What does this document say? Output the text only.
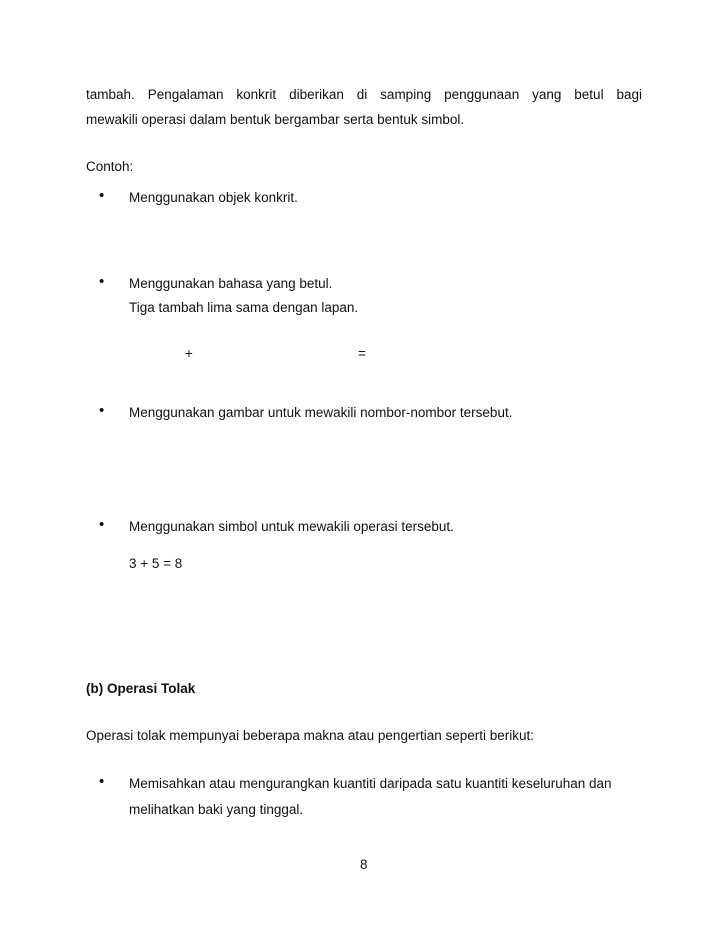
tambah. Pengalaman konkrit diberikan di samping penggunaan yang betul bagi
mewakili operasi dalam bentuk bergambar serta bentuk simbol.
Contoh:
• Menggunakan objek konkrit.
• Menggunakan bahasa yang betul.
Tiga tambah lima sama dengan lapan.
+	=
• Menggunakan gambar untuk mewakili nombor-nombor tersebut.
• Menggunakan simbol untuk mewakili operasi tersebut.
3 + 5 = 8
(b) Operasi Tolak
Operasi tolak mempunyai beberapa makna atau pengertian seperti berikut:
• Memisahkan atau mengurangkan kuantiti daripada satu kuantiti keseluruhan dan
melihatkan baki yang tinggal.
8
